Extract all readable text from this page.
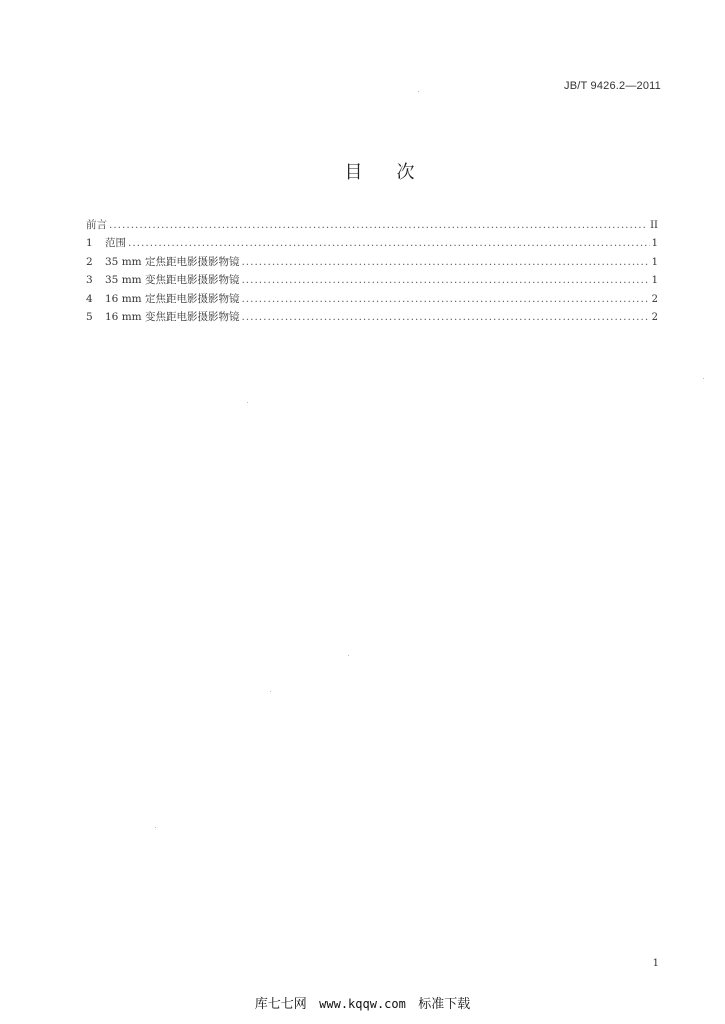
JB/T 9426.2—2011
目次
前言 .....	II
1	范围 .....	1
2	35 mm 定焦距电影摄影物镜 .....	1
3	35 mm 变焦距电影摄影物镜 .....	1
4	16 mm 定焦距电影摄影物镜 .....	2
5	16 mm 变焦距电影摄影物镜 .....	2
1
库七七网 www.kqqw.com 标准下载
